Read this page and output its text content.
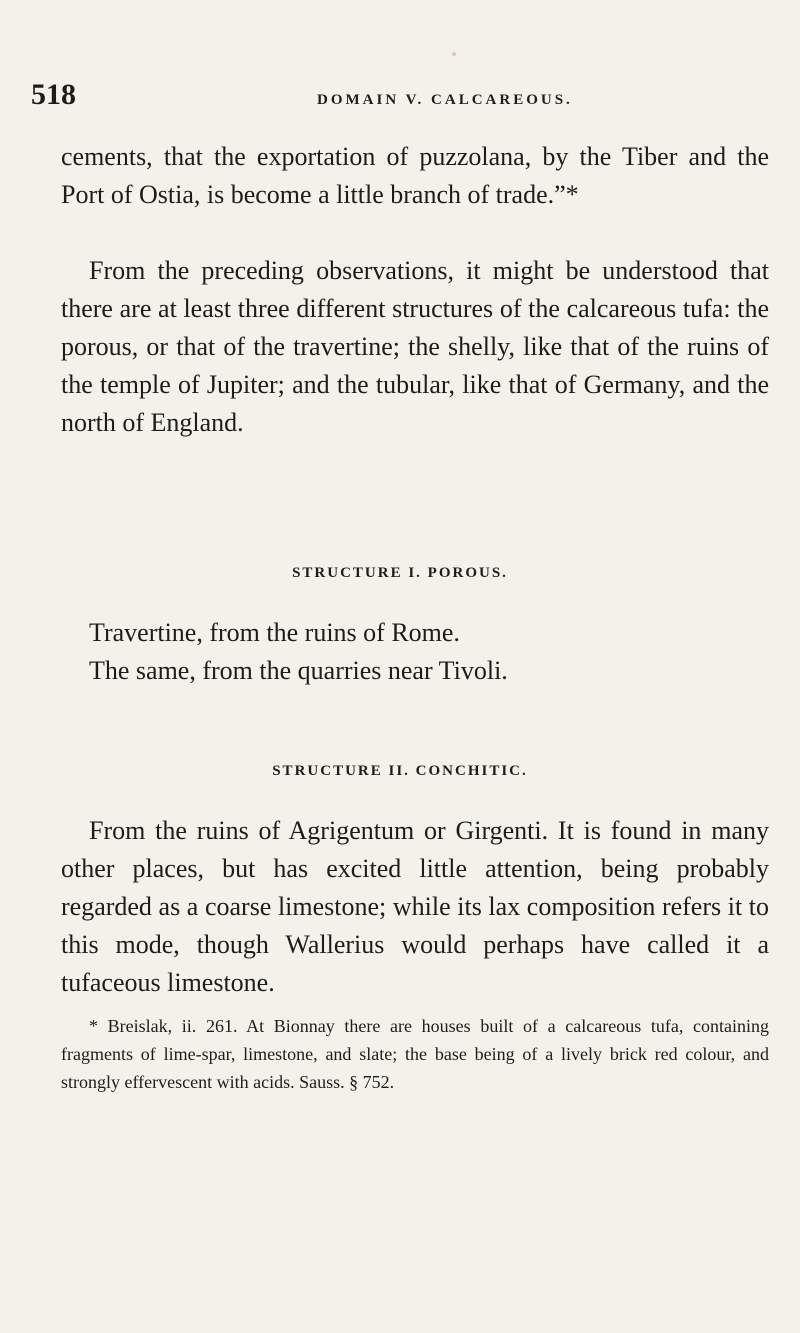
518	DOMAIN V. CALCAREOUS.

cements, that the exportation of puzzolana, by the Tiber and the Port of Ostia, is become a little branch of trade.”*

From the preceding observations, it might be understood that there are at least three different structures of the calcareous tufa: the porous, or that of the travertine; the shelly, like that of the ruins of the temple of Jupiter; and the tubular, like that of Germany, and the north of England.

STRUCTURE I. POROUS.

Travertine, from the ruins of Rome.

The same, from the quarries near Tivoli.

STRUCTURE II. CONCHITIC.

From the ruins of Agrigentum or Girgenti. It is found in many other places, but has excited little attention, being probably regarded as a coarse limestone; while its lax composition refers it to this mode, though Wallerius would perhaps have called it a tufaceous limestone.

* Breislak, ii. 261. At Bionnay there are houses built of a calcareous tufa, containing fragments of lime-spar, limestone, and slate; the base being of a lively brick red colour, and strongly effervescent with acids. Sauss. § 752.
